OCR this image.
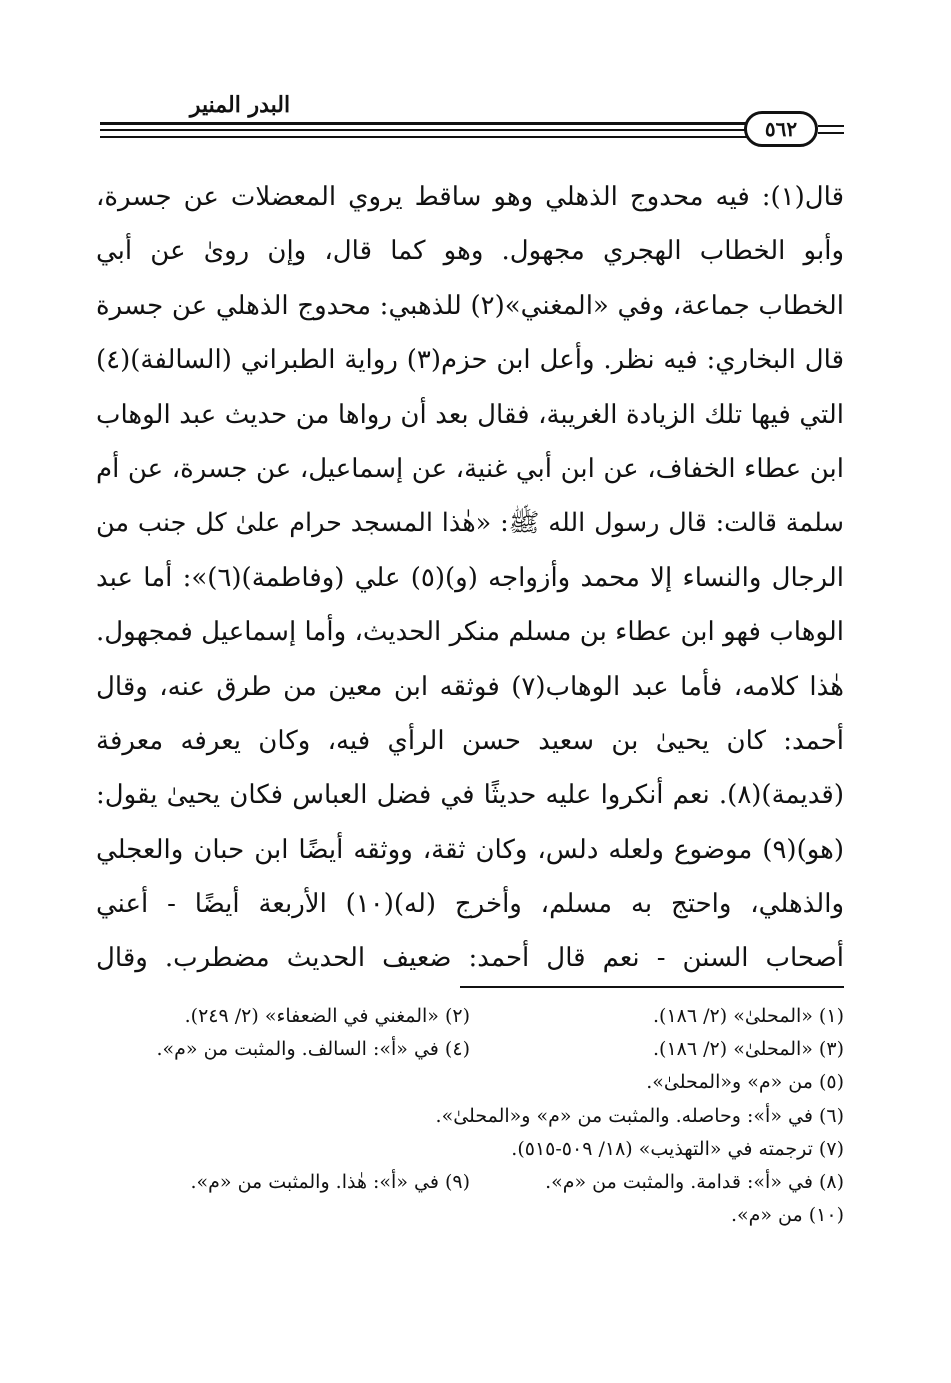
البدر المنير
٥٦٢
قال(١): فيه محدوج الذهلي وهو ساقط يروي المعضلات عن جسرة،
وأبو الخطاب الهجري مجهول. وهو كما قال، وإن روىٰ عن أبي
الخطاب جماعة، وفي «المغني»(٢) للذهبي: محدوج الذهلي عن جسرة
قال البخاري: فيه نظر. وأعل ابن حزم(٣) رواية الطبراني (السالفة)(٤)
التي فيها تلك الزيادة الغريبة، فقال بعد أن رواها من حديث عبد الوهاب
ابن عطاء الخفاف، عن ابن أبي غنية، عن إسماعيل، عن جسرة، عن أم
سلمة قالت: قال رسول الله ﷺ: «هٰذا المسجد حرام علىٰ كل جنب من
الرجال والنساء إلا محمد وأزواجه (و)(٥) علي (وفاطمة)(٦)»: أما عبد
الوهاب فهو ابن عطاء بن مسلم منكر الحديث، وأما إسماعيل فمجهول.
هٰذا كلامه، فأما عبد الوهاب(٧) فوثقه ابن معين من طرق عنه، وقال
أحمد: كان يحيىٰ بن سعيد حسن الرأي فيه، وكان يعرفه معرفة
(قديمة)(٨). نعم أنكروا عليه حديثًا في فضل العباس فكان يحيىٰ يقول:
(هو)(٩) موضوع ولعله دلس، وكان ثقة، ووثقه أيضًا ابن حبان والعجلي
والذهلي، واحتج به مسلم، وأخرج (له)(١٠) الأربعة أيضًا - أعني
أصحاب السنن - نعم قال أحمد: ضعيف الحديث مضطرب. وقال
(١) «المحلىٰ» (٢/ ١٨٦).
(٢) «المغني في الضعفاء» (٢/ ٢٤٩).
(٣) «المحلىٰ» (٢/ ١٨٦).
(٤) في «أ»: السالف. والمثبت من «م».
(٥) من «م» و«المحلىٰ».
(٦) في «أ»: وحاصله. والمثبت من «م» و«المحلىٰ».
(٧) ترجمته في «التهذيب» (١٨/ ٥٠٩-٥١٥).
(٨) في «أ»: قدامة. والمثبت من «م».
(٩) في «أ»: هٰذا. والمثبت من «م».
(١٠) من «م».
